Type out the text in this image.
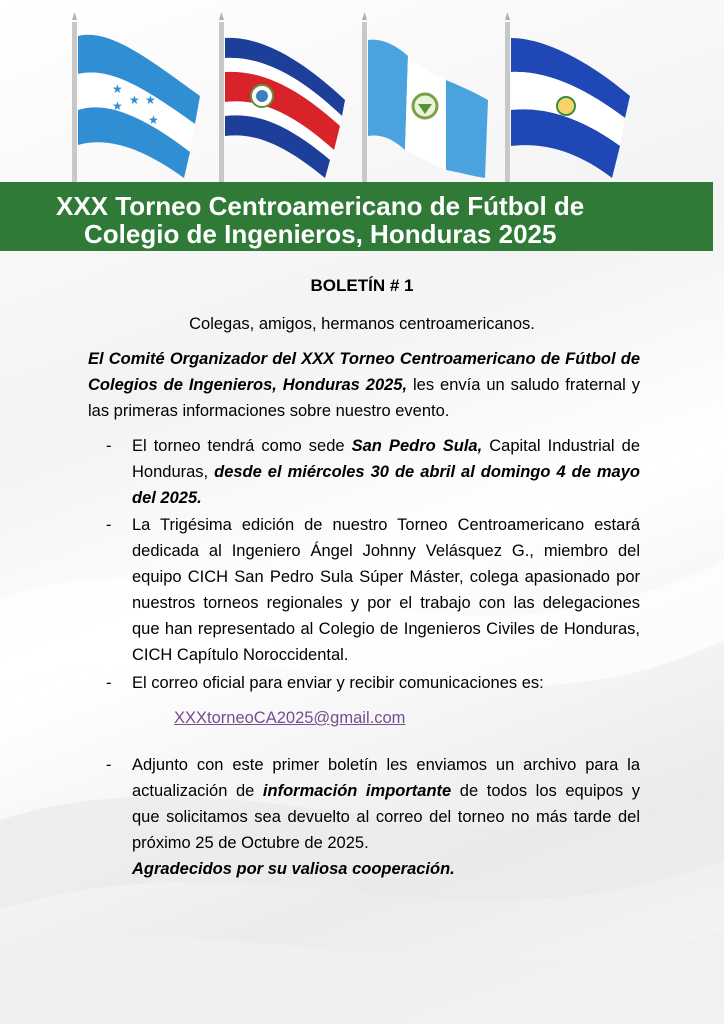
★
★ ★ ★
★

XXX Torneo Centroamericano de Fútbol de

Colegio de Ingenieros, Honduras 2025

BOLETÍN # 1

Colegas, amigos, hermanos centroamericanos.

El Comité Organizador del XXX Torneo Centroamericano de Fútbol de Colegios de Ingenieros, Honduras 2025, les envía un saludo fraternal y las primeras informaciones sobre nuestro evento.

- El torneo tendrá como sede San Pedro Sula, Capital Industrial de Honduras, desde el miércoles 30 de abril al domingo 4 de mayo del 2025.

- La Trigésima edición de nuestro Torneo Centroamericano estará dedicada al Ingeniero Ángel Johnny Velásquez G., miembro del equipo CICH San Pedro Sula Súper Máster, colega apasionado por nuestros torneos regionales y por el trabajo con las delegaciones que han representado al Colegio de Ingenieros Civiles de Honduras, CICH Capítulo Noroccidental.

- El correo oficial para enviar y recibir comunicaciones es:

XXXtorneoCA2025@gmail.com
- Adjunto con este primer boletín les enviamos un archivo para la actualización de información importante de todos los equipos y que solicitamos sea devuelto al correo del torneo no más tarde del próximo 25 de Octubre de 2025.
Agradecidos por su valiosa cooperación.
